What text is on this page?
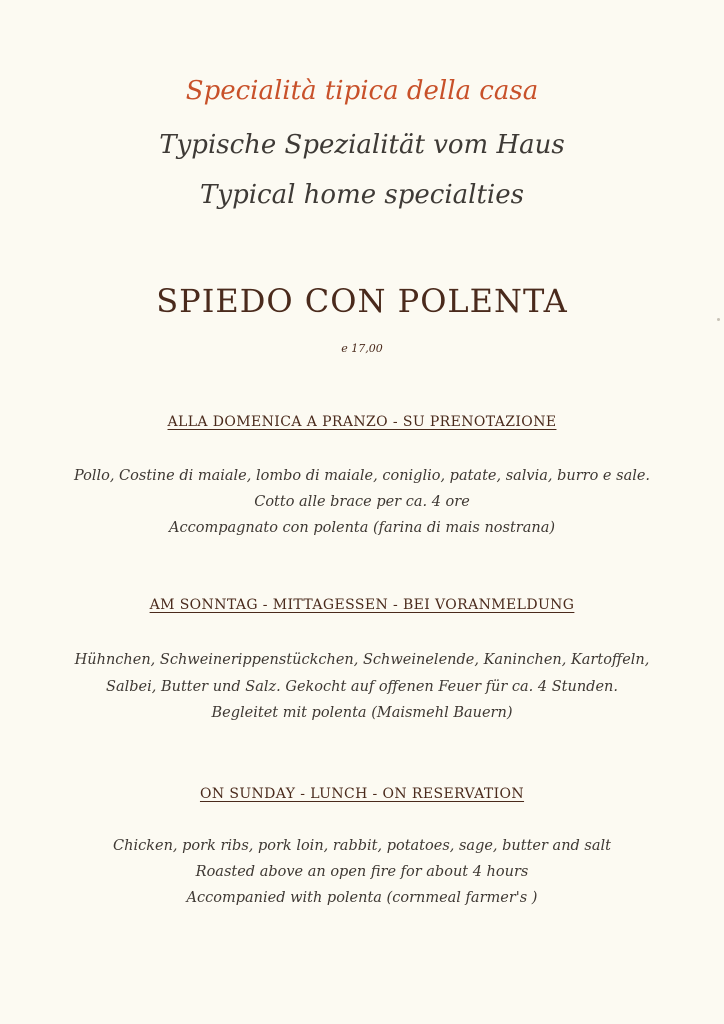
Specialità tipica della casa
Typische Spezialität vom Haus
Typical home specialties
SPIEDO CON POLENTA
e 17,00
ALLA DOMENICA A PRANZO - SU PRENOTAZIONE
Pollo, Costine di maiale, lombo di maiale, coniglio, patate, salvia, burro e sale.
Cotto alle brace per ca. 4 ore
Accompagnato con polenta (farina di mais nostrana)
AM SONNTAG - MITTAGESSEN - BEI VORANMELDUNG
Hühnchen, Schweinerippenstückchen, Schweinelende, Kaninchen, Kartoffeln,
Salbei, Butter und Salz. Gekocht auf offenen Feuer für ca. 4 Stunden.
Begleitet mit polenta (Maismehl Bauern)
ON SUNDAY - LUNCH - ON RESERVATION
Chicken, pork ribs, pork loin, rabbit, potatoes, sage, butter and salt
Roasted above an open fire for about 4 hours
Accompanied with polenta (cornmeal farmer's )
